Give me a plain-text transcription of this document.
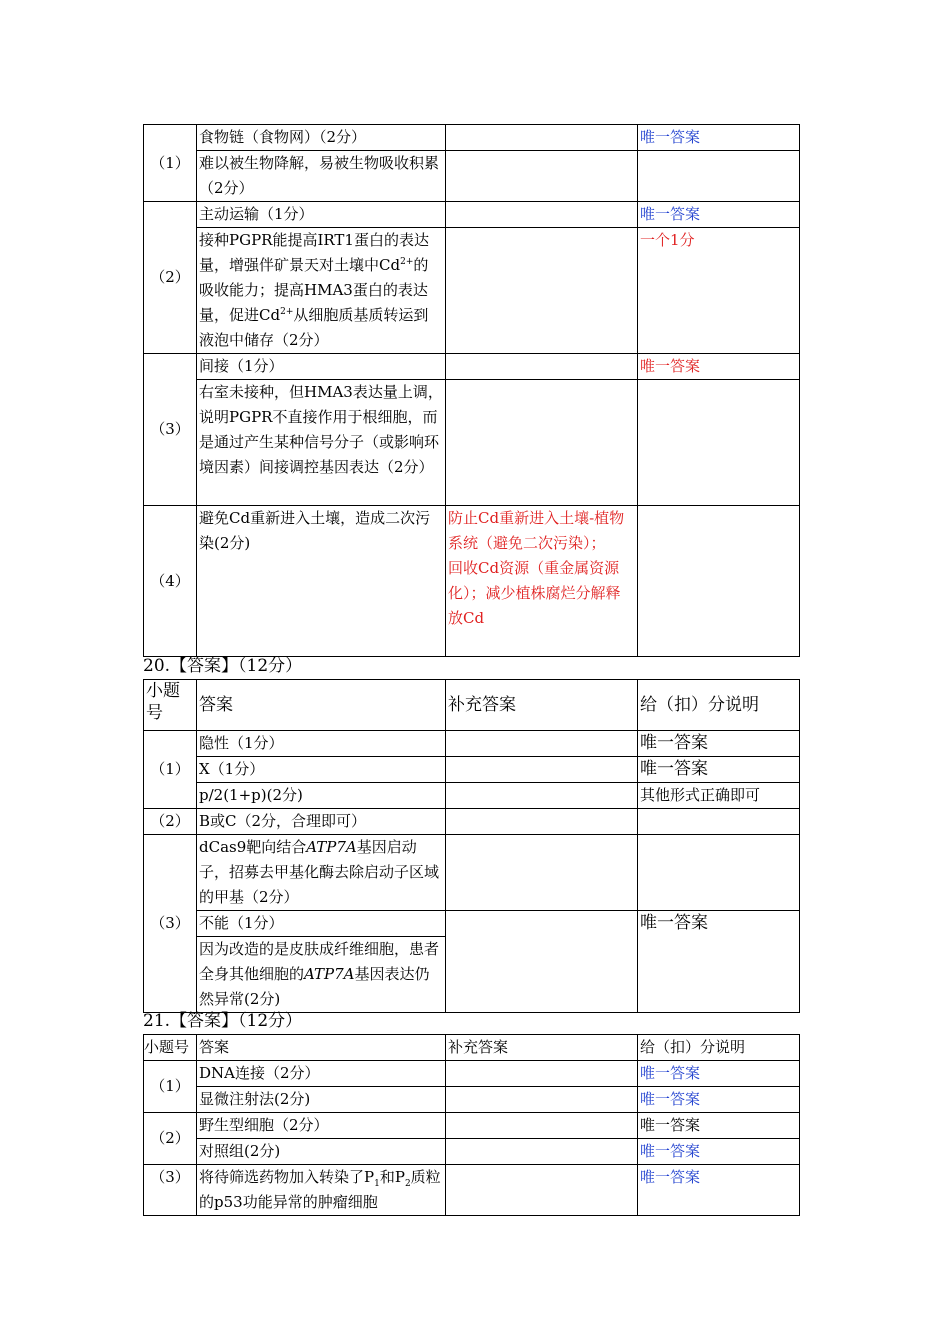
（1）	食物链（食物网）（2分）		唯一答案
	难以被生物降解，易被生物吸收积累（2分）		
（2）	主动运输（1分）		唯一答案
	接种PGPR能提高IRT1蛋白的表达量，增强伴矿景天对土壤中$Cd^{2+}$的吸收能力；提高HMA3蛋白的表达量，促进$Cd^{2+}$从细胞质基质转运到液泡中储存（2分）		一个1分
（3）	间接（1分）		唯一答案
	右室未接种，但HMA3表达量上调，说明PGPR不直接作用于根细胞，而是通过产生某种信号分子（或影响环境因素）间接调控基因表达（2分）		
（4）	避免Cd重新进入土壤，造成二次污染(2分)	防止Cd重新进入土壤-植物系统（避免二次污染）；
回收Cd资源（重金属资源化）；减少植株腐烂分解释放Cd	

20.【答案】（12分）
小题号	答案	补充答案	给（扣）分说明
（1）	隐性（1分）		唯一答案
	X（1分）		唯一答案
	p/2(1+p)(2分)		其他形式正确即可
（2）	B或C（2分，合理即可）		
（3）	dCas9靶向结合ATP7A基因启动子，招募去甲基化酶去除启动子区域的甲基（2分）		
	不能（1分）		唯一答案
	因为改造的是皮肤成纤维细胞，患者全身其他细胞的ATP7A基因表达仍然异常(2分)		
21.【答案】（12分）
小题号	答案	补充答案	给（扣）分说明
（1）	DNA连接（2分）		唯一答案
	显微注射法(2分)		唯一答案
（2）	野生型细胞（2分）		唯一答案
	对照组(2分)		唯一答案
（3）	将待筛选药物加入转染了$P_1$和$P_2$质粒的p53功能异常的肿瘤细胞		唯一答案
